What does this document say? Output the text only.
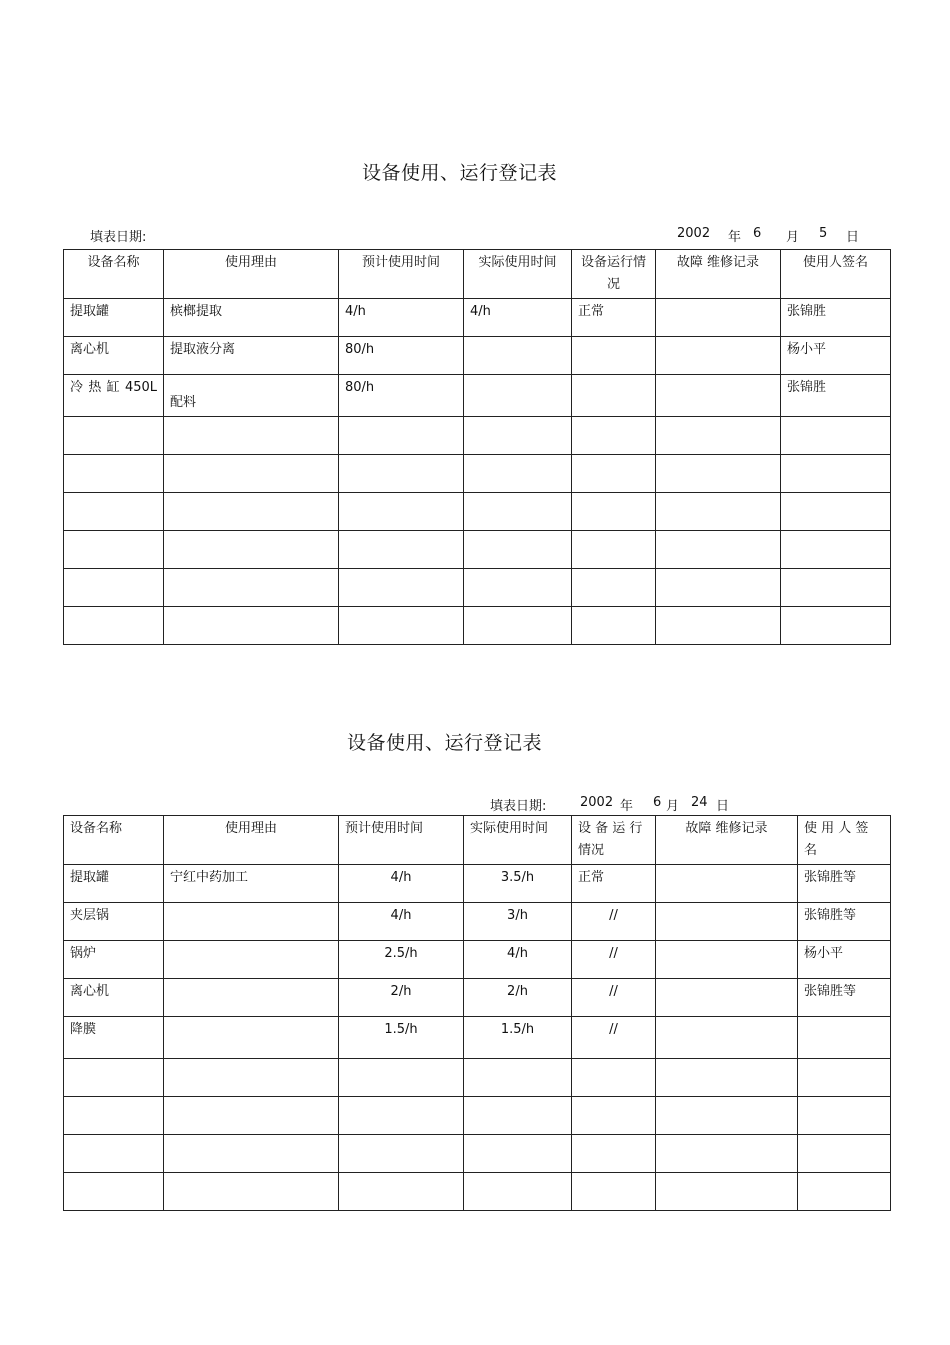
设备使用、运行登记表
填表日期:	2002 年 6 月 5 日
设备名称	使用理由	预计使用时间	实际使用时间	设备运行情况	故障 维修记录	使用人签名
提取罐	槟榔提取	4/h	4/h	正常		张锦胜
离心机	提取液分离	80/h				杨小平
冷 热 缸 450L	配料	80/h				张锦胜

设备使用、运行登记表
填表日期:	2002 年 6 月 24 日
设备名称	使用理由	预计使用时间	实际使用时间	设 备 运 行情况	故障 维修记录	使 用 人 签 名
提取罐	宁红中药加工	4/h	3.5/h	正常		张锦胜等
夹层锅		4/h	3/h	//		张锦胜等
锅炉		2.5/h	4/h	//		杨小平
离心机		2/h	2/h	//		张锦胜等
降膜		1.5/h	1.5/h	//		
